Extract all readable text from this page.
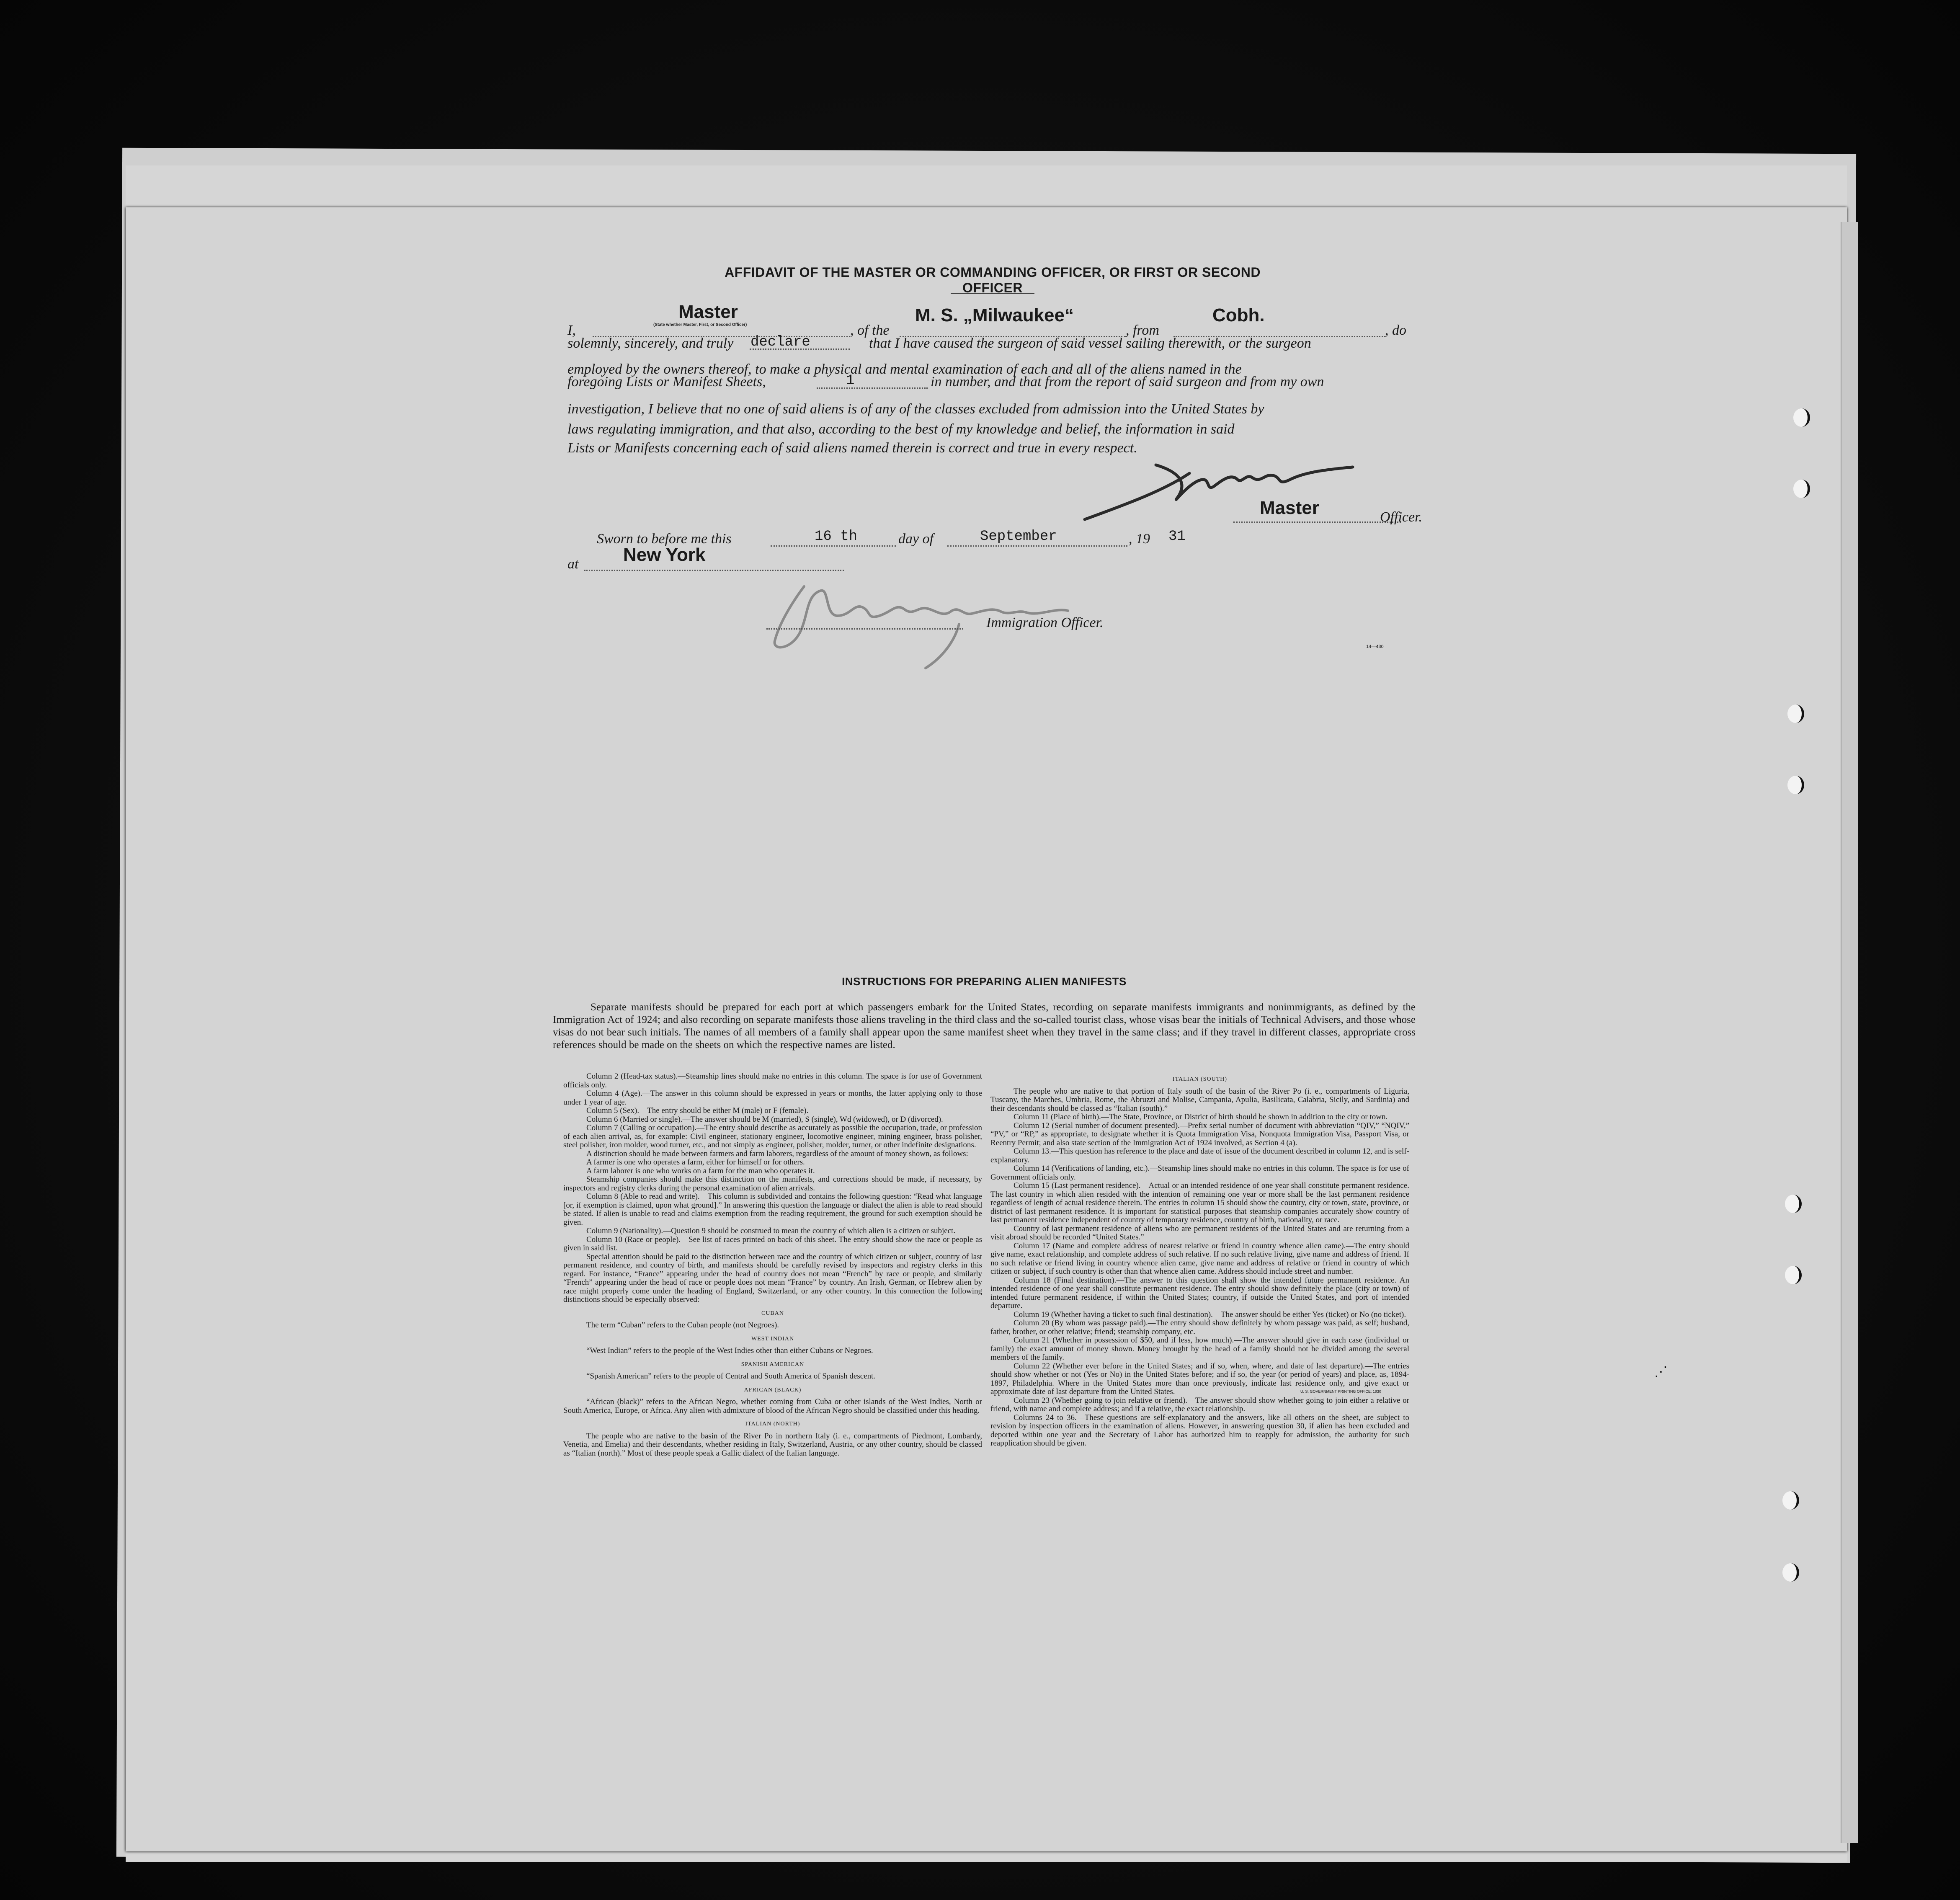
⋰
AFFIDAVIT OF THE MASTER OR COMMANDING OFFICER, OR FIRST OR SECOND OFFICER
I,
Master
(State whether Master, First, or Second Officer)	, of the
M. S. „Milwaukee“
, from
Cobh.
, do
solemnly, sincerely, and truly declare	that I have caused the surgeon of said vessel sailing therewith, or the surgeon
employed by the owners thereof, to make a physical and mental examination of each and all of the aliens named in the
foregoing Lists or Manifest Sheets,	1	in number, and that from the report of said surgeon and from my own
investigation, I believe that no one of said aliens is of any of the classes excluded from admission into the United States by
laws regulating immigration, and that also, according to the best of my knowledge and belief, the information in said
Lists or Manifests concerning each of said aliens named therein is correct and true in every respect.
Master	Officer.
Sworn to before me this	16 th	day of	September	, 19 31
at New York
Immigration Officer.
14—430
INSTRUCTIONS FOR PREPARING ALIEN MANIFESTS
Separate manifests should be prepared for each port at which passengers embark for the United States, recording on separate manifests immigrants and nonimmigrants, as defined by the Immigration Act of 1924; and also recording on separate manifests those aliens traveling in the third class and the so-called tourist class, whose visas bear the initials of Technical Advisers, and those whose visas do not bear such initials. The names of all members of a family shall appear upon the same manifest sheet when they travel in the same class; and if they travel in different classes, appropriate cross references should be made on the sheets on which the respective names are listed.

Column 2 (Head-tax status).—Steamship lines should make no entries in this column. The space is for use of Government officials only.

Column 4 (Age).—The answer in this column should be expressed in years or months, the latter applying only to those under 1 year of age.

Column 5 (Sex).—The entry should be either M (male) or F (female).

Column 6 (Married or single).—The answer should be M (married), S (single), Wd (widowed), or D (divorced).

Column 7 (Calling or occupation).—The entry should describe as accurately as possible the occupation, trade, or profession of each alien arrival, as, for example: Civil engineer, stationary engineer, locomotive engineer, mining engineer, brass polisher, steel polisher, iron molder, wood turner, etc., and not simply as engineer, polisher, molder, turner, or other indefinite designations.

A distinction should be made between farmers and farm laborers, regardless of the amount of money shown, as follows:

A farmer is one who operates a farm, either for himself or for others.

A farm laborer is one who works on a farm for the man who operates it.

Steamship companies should make this distinction on the manifests, and corrections should be made, if necessary, by inspectors and registry clerks during the personal examination of alien arrivals.

Column 8 (Able to read and write).—This column is subdivided and contains the following question: “Read what language [or, if exemption is claimed, upon what ground].” In answering this question the language or dialect the alien is able to read should be stated. If alien is unable to read and claims exemption from the reading requirement, the ground for such exemption should be given.

Column 9 (Nationality).—Question 9 should be construed to mean the country of which alien is a citizen or subject.

Column 10 (Race or people).—See list of races printed on back of this sheet. The entry should show the race or people as given in said list.

Special attention should be paid to the distinction between race and the country of which citizen or subject, country of last permanent residence, and country of birth, and manifests should be carefully revised by inspectors and registry clerks in this regard. For instance, “France” appearing under the head of country does not mean “French” by race or people, and similarly “French” appearing under the head of race or people does not mean “France” by country. An Irish, German, or Hebrew alien by race might properly come under the heading of England, Switzerland, or any other country. In this connection the following distinctions should be especially observed:

CUBAN

The term “Cuban” refers to the Cuban people (not Negroes).

WEST INDIAN

“West Indian” refers to the people of the West Indies other than either Cubans or Negroes.

SPANISH AMERICAN

“Spanish American” refers to the people of Central and South America of Spanish descent.

AFRICAN (BLACK)

“African (black)” refers to the African Negro, whether coming from Cuba or other islands of the West Indies, North or South America, Europe, or Africa. Any alien with admixture of blood of the African Negro should be classified under this heading.

ITALIAN (NORTH)

The people who are native to the basin of the River Po in northern Italy (i. e., compartments of Piedmont, Lombardy, Venetia, and Emelia) and their descendants, whether residing in Italy, Switzerland, Austria, or any other country, should be classed as “Italian (north).” Most of these people speak a Gallic dialect of the Italian language.

ITALIAN (SOUTH)

The people who are native to that portion of Italy south of the basin of the River Po (i. e., compartments of Liguria, Tuscany, the Marches, Umbria, Rome, the Abruzzi and Molise, Campania, Apulia, Basilicata, Calabria, Sicily, and Sardinia) and their descendants should be classed as “Italian (south).”

Column 11 (Place of birth).—The State, Province, or District of birth should be shown in addition to the city or town.

Column 12 (Serial number of document presented).—Prefix serial number of document with abbreviation “QIV,” “NQIV,” “PV,” or “RP,” as appropriate, to designate whether it is Quota Immigration Visa, Nonquota Immigration Visa, Passport Visa, or Reentry Permit; and also state section of the Immigration Act of 1924 involved, as Section 4 (a).

Column 13.—This question has reference to the place and date of issue of the document described in column 12, and is self-explanatory.

Column 14 (Verifications of landing, etc.).—Steamship lines should make no entries in this column. The space is for use of Government officials only.

Column 15 (Last permanent residence).—Actual or an intended residence of one year shall constitute permanent residence. The last country in which alien resided with the intention of remaining one year or more shall be the last permanent residence regardless of length of actual residence therein. The entries in column 15 should show the country, city or town, state, province, or district of last permanent residence. It is important for statistical purposes that steamship companies accurately show country of last permanent residence independent of country of temporary residence, country of birth, nationality, or race.

Country of last permanent residence of aliens who are permanent residents of the United States and are returning from a visit abroad should be recorded “United States.”

Column 17 (Name and complete address of nearest relative or friend in country whence alien came).—The entry should give name, exact relationship, and complete address of such relative. If no such relative living, give name and address of friend. If no such relative or friend living in country whence alien came, give name and address of relative or friend in country of which citizen or subject, if such country is other than that whence alien came. Address should include street and number.

Column 18 (Final destination).—The answer to this question shall show the intended future permanent residence. An intended residence of one year shall constitute permanent residence. The entry should show definitely the place (city or town) of intended future permanent residence, if within the United States; country, if outside the United States, and port of intended departure.

Column 19 (Whether having a ticket to such final destination).—The answer should be either Yes (ticket) or No (no ticket).

Column 20 (By whom was passage paid).—The entry should show definitely by whom passage was paid, as self; husband, father, brother, or other relative; friend; steamship company, etc.

Column 21 (Whether in possession of $50, and if less, how much).—The answer should give in each case (individual or family) the exact amount of money shown. Money brought by the head of a family should not be divided among the several members of the family.

Column 22 (Whether ever before in the United States; and if so, when, where, and date of last departure).—The entries should show whether or not (Yes or No) in the United States before; and if so, the year (or period of years) and place, as, 1894-1897, Philadelphia. Where in the United States more than once previously, indicate last residence only, and give exact or approximate date of last departure from the United States.

Column 23 (Whether going to join relative or friend).—The answer should show whether going to join either a relative or friend, with name and complete address; and if a relative, the exact relationship.

Columns 24 to 36.—These questions are self-explanatory and the answers, like all others on the sheet, are subject to revision by inspection officers in the examination of aliens. However, in answering question 30, if alien has been excluded and deported within one year and the Secretary of Labor has authorized him to reapply for admission, the authority for such reapplication should be given.

U. S. GOVERNMENT PRINTING OFFICE: 1930
